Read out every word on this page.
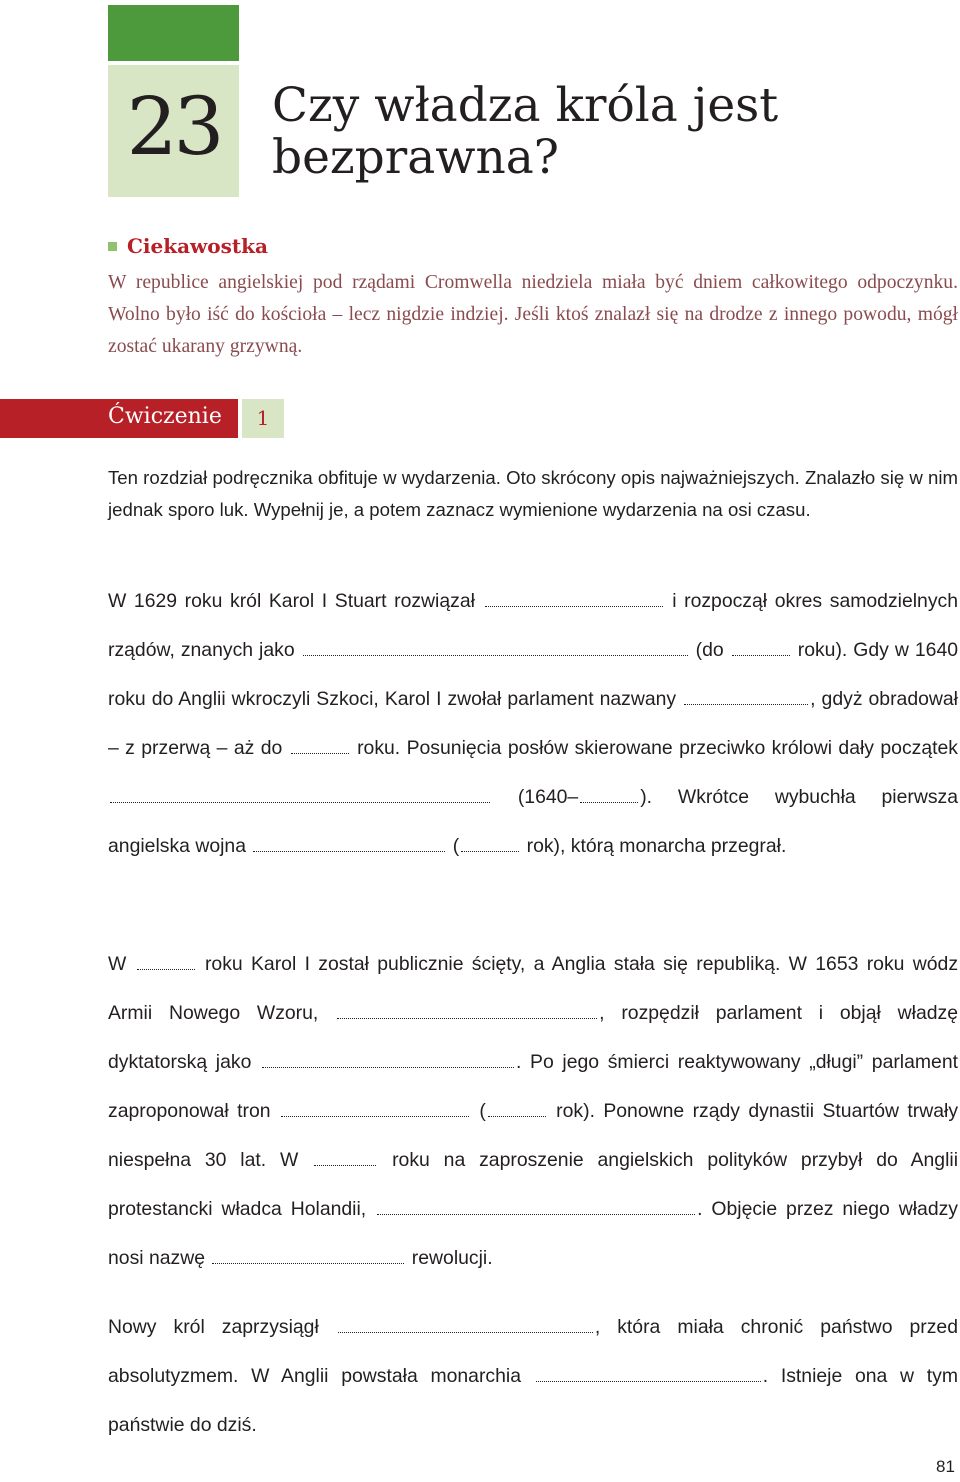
23	Czy władza króla jest
bezprawna?
Ciekawostka

W republice angielskiej pod rządami Cromwella niedziela miała być dniem całkowitego odpoczynku. Wolno było iść do kościoła – lecz nigdzie indziej. Jeśli ktoś znalazł się na drodze z innego powodu, mógł zostać ukarany grzywną.

Ćwiczenie	1

Ten rozdział podręcznika obfituje w wydarzenia. Oto skrócony opis najważniejszych. Znalazło się w nim jednak sporo luk. Wypełnij je, a potem zaznacz wymienione wydarzenia na osi czasu.

W 1629 roku król Karol I Stuart rozwiązał	i rozpoczął okres samodzielnych rządów, znanych jako	(do	roku). Gdy w 1640 roku do Anglii wkroczyli Szkoci, Karol I zwołał parlament nazwany	, gdyż obradował – z przerwą – aż do	roku. Posunięcia posłów skierowane przeciwko królowi dały początek  (1640–	). Wkrótce wybuchła pierwsza angielska wojna	(	rok), którą monarcha przegrał.

W	roku Karol I został publicznie ścięty, a Anglia stała się republiką. W 1653 roku wódz Armii Nowego Wzoru,	, rozpędził parlament i objął władzę dyktatorską jako	. Po jego śmierci reaktywowany „długi” parlament zaproponował tron	(	rok). Ponowne rządy dynastii Stuartów trwały niespełna 30 lat. W	roku na zaproszenie angielskich polityków przybył do Anglii protestancki władca Holandii,	. Objęcie przez niego władzy nosi nazwę	rewolucji.

Nowy król zaprzysiągł	, która miała chronić państwo przed absolutyzmem. W Anglii powstała monarchia	. Istnieje ona w tym państwie do dziś.

81
